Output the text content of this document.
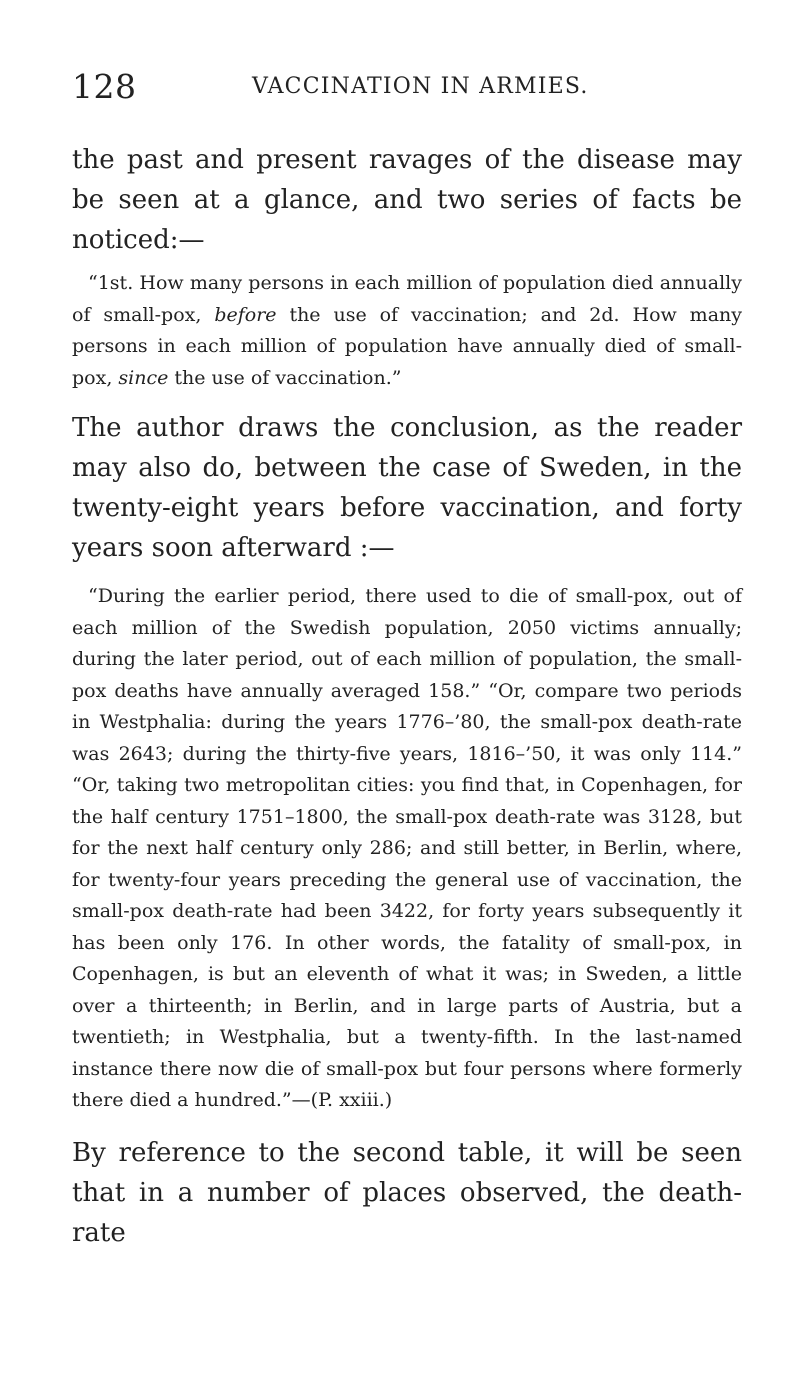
128	VACCINATION IN ARMIES.

the past and present ravages of the disease may be seen at a glance, and two series of facts be noticed:—

“1st. How many persons in each million of population died annually of small-pox, before the use of vaccination; and 2d. How many persons in each million of population have annually died of small-pox, since the use of vaccination.”

The author draws the conclusion, as the reader may also do, between the case of Sweden, in the twenty-eight years before vaccination, and forty years soon afterward :—

“During the earlier period, there used to die of small-pox, out of each million of the Swedish population, 2050 victims annually; during the later period, out of each million of population, the small-pox deaths have annually averaged 158.” “Or, compare two periods in Westphalia: during the years 1776–’80, the small-pox death-rate was 2643; during the thirty-five years, 1816–’50, it was only 114.” “Or, taking two metropolitan cities: you find that, in Copenhagen, for the half century 1751–1800, the small-pox death-rate was 3128, but for the next half century only 286; and still better, in Berlin, where, for twenty-four years preceding the general use of vaccination, the small-pox death-rate had been 3422, for forty years subsequently it has been only 176. In other words, the fatality of small-pox, in Copenhagen, is but an eleventh of what it was; in Sweden, a little over a thirteenth; in Berlin, and in large parts of Austria, but a twentieth; in Westphalia, but a twenty-fifth. In the last-named instance there now die of small-pox but four persons where formerly there died a hundred.”—(P. xxiii.)

By reference to the second table, it will be seen that in a number of places observed, the death-rate
